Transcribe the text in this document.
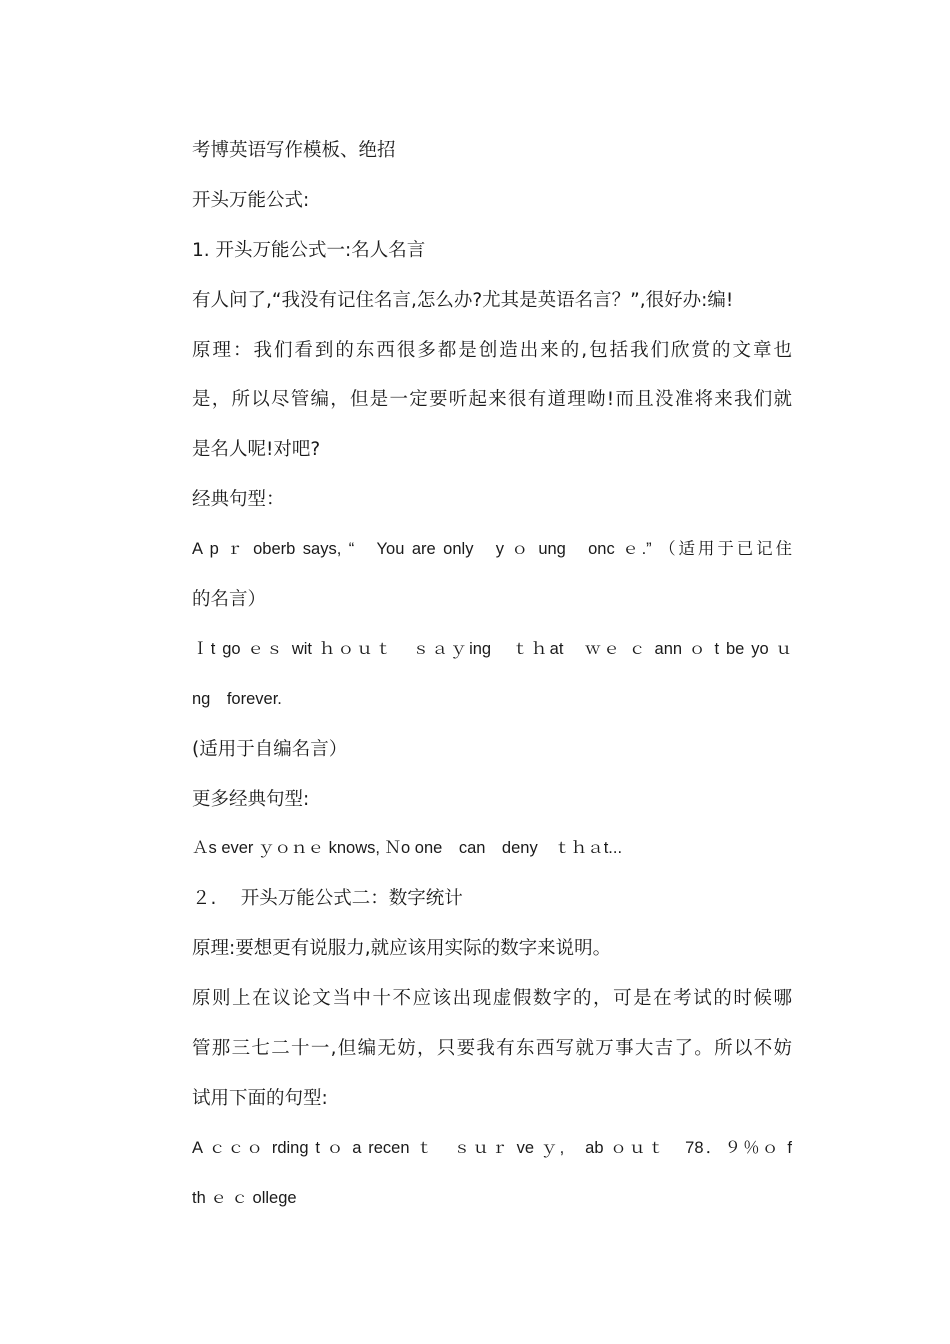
考博英语写作模板、绝招
开头万能公式:
1. 开头万能公式一:名人名言
有人问了,“我没有记住名言,怎么办?尤其是英语名言？”,很好办:编!
原理：我们看到的东西很多都是创造出来的,包括我们欣赏的文章也
是，所以尽管编，但是一定要听起来很有道理呦!而且没准将来我们就
是名人呢!对吧?
经典句型：
A p ｒ oberb says, “　You are only　y ｏ ung　onc ｅ.” （适用于已记住
的名言）
Ｉt go ｅｓ wit ｈｏｕｔ　ｓａｙing　ｔｈat　ｗｅ ｃ ann ｏ t be yo ｕ
ng　forever.
(适用于自编名言）
更多经典句型:
Ａs ever ｙｏｎｅ knows, Ｎo one　can　deny　ｔｈａt...
２.　 开头万能公式二：数字统计
原理:要想更有说服力,就应该用实际的数字来说明。
原则上在议论文当中十不应该出现虚假数字的，可是在考试的时候哪
管那三七二十一,但编无妨，只要我有东西写就万事大吉了。所以不妨
试用下面的句型:
A ｃｃｏ rding t ｏ a recen ｔ　ｓｕｒ ve ｙ,　ab ｏｕｔ　78．９％ｏ f
th ｅ ｃ ollege
